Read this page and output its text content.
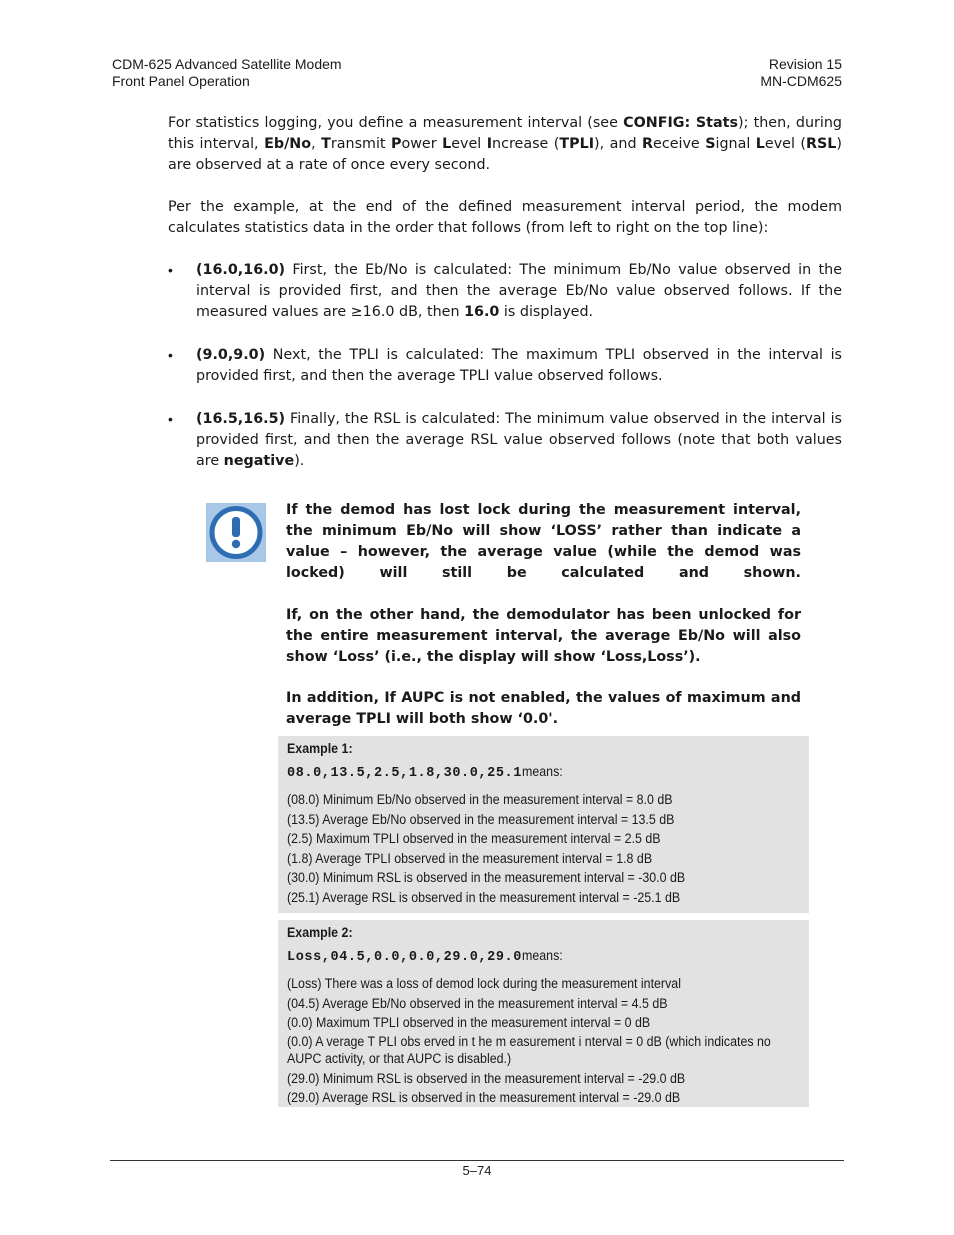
CDM-625 Advanced Satellite Modem
Front Panel Operation
Revision 15
MN-CDM625
For statistics logging, you define a measurement interval (see CONFIG: Stats); then, during this interval, Eb/No, Transmit Power Level Increase (TPLI), and Receive Signal Level (RSL) are observed at a rate of once every second.
Per the example, at the end of the defined measurement interval period, the modem calculates statistics data in the order that follows (from left to right on the top line):
• (16.0,16.0) First, the Eb/No is calculated: The minimum Eb/No value observed in the interval is provided first, and then the average Eb/No value observed follows. If the measured values are ≥16.0 dB, then 16.0 is displayed.
• (9.0,9.0) Next, the TPLI is calculated: The maximum TPLI observed in the interval is provided first, and then the average TPLI value observed follows.
• (16.5,16.5) Finally, the RSL is calculated: The minimum value observed in the interval is provided first, and then the average RSL value observed follows (note that both values are negative).
If the demod has lost lock during the measurement interval, the minimum Eb/No will show ‘LOSS’ rather than indicate a value – however, the average value (while the demod was locked) will still be calculated and shown.
If, on the other hand, the demodulator has been unlocked for the entire measurement interval, the average Eb/No will also show ‘Loss’ (i.e., the display will show ‘Loss,Loss’).
In addition, If AUPC is not enabled, the values of maximum and average TPLI will both show ‘0.0'.
Example 1:
08.0,13.5,2.5,1.8,30.0,25.1means:
(08.0) Minimum Eb/No observed in the measurement interval = 8.0 dB
(13.5) Average Eb/No observed in the measurement interval = 13.5 dB
(2.5) Maximum TPLI observed in the measurement interval = 2.5 dB
(1.8) Average TPLI observed in the measurement interval = 1.8 dB
(30.0) Minimum RSL is observed in the measurement interval = -30.0 dB
(25.1) Average RSL is observed in the measurement interval = -25.1 dB
Example 2:
Loss,04.5,0.0,0.0,29.0,29.0means:
(Loss) There was a loss of demod lock during the measurement interval
(04.5) Average Eb/No observed in the measurement interval = 4.5 dB
(0.0) Maximum TPLI observed in the measurement interval = 0 dB
(0.0) A verage T PLI obs erved in t he m easurement i nterval = 0 dB (which indicates no AUPC activity, or that AUPC is disabled.)
(29.0) Minimum RSL is observed in the measurement interval = -29.0 dB
(29.0) Average RSL is observed in the measurement interval = -29.0 dB
5–74
